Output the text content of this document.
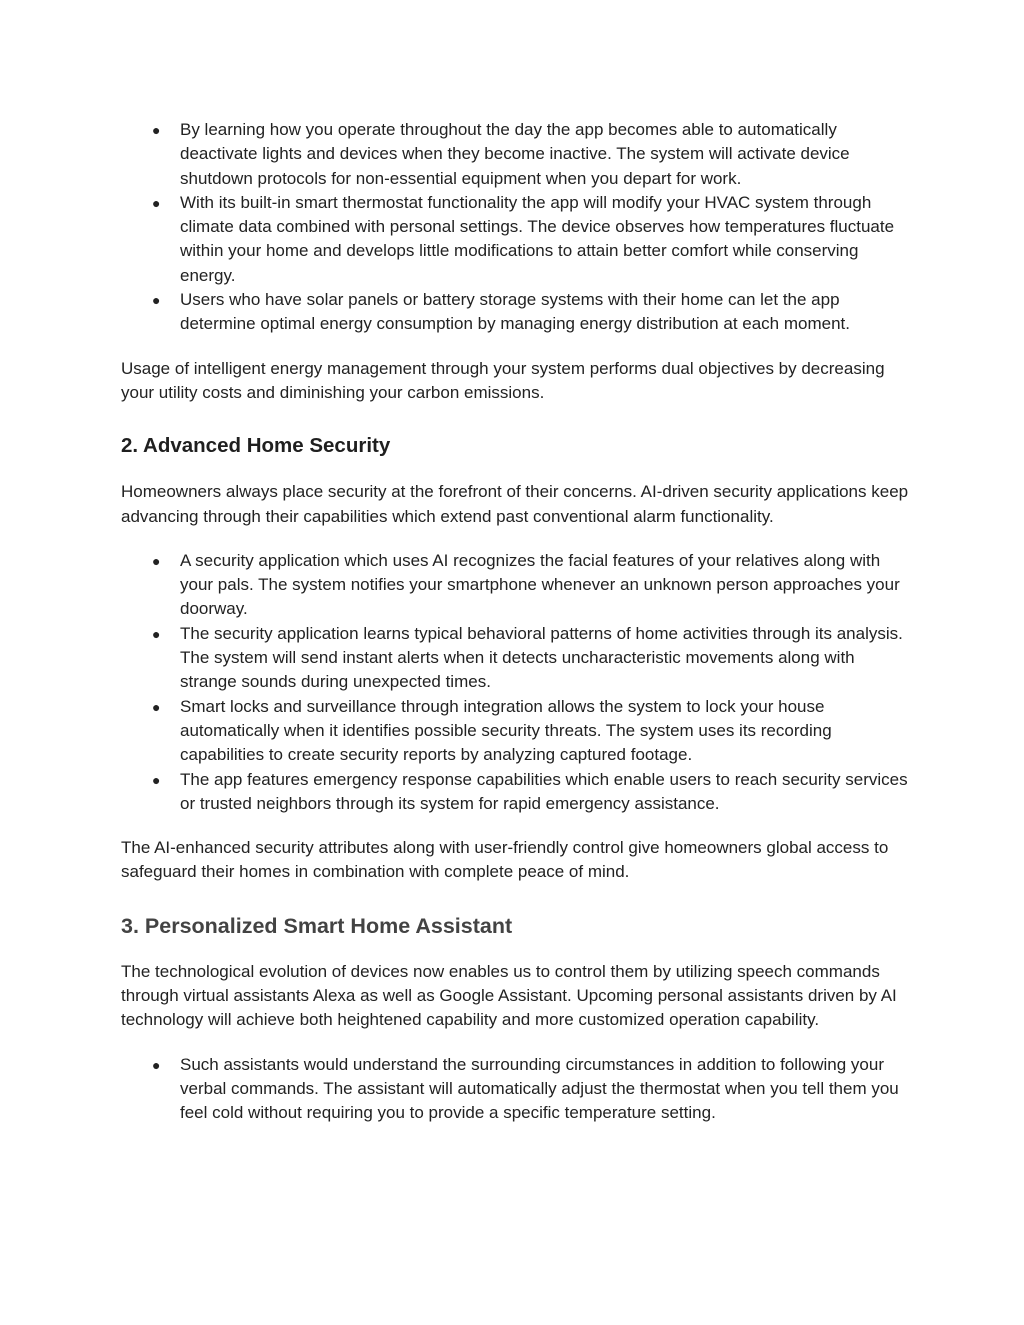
● By learning how you operate throughout the day the app becomes able to automatically deactivate lights and devices when they become inactive. The system will activate device shutdown protocols for non-essential equipment when you depart for work.
● With its built-in smart thermostat functionality the app will modify your HVAC system through climate data combined with personal settings. The device observes how temperatures fluctuate within your home and develops little modifications to attain better comfort while conserving energy.
● Users who have solar panels or battery storage systems with their home can let the app determine optimal energy consumption by managing energy distribution at each moment.

Usage of intelligent energy management through your system performs dual objectives by decreasing your utility costs and diminishing your carbon emissions.

2. Advanced Home Security

Homeowners always place security at the forefront of their concerns. AI-driven security applications keep advancing through their capabilities which extend past conventional alarm functionality.

● A security application which uses AI recognizes the facial features of your relatives along with your pals. The system notifies your smartphone whenever an unknown person approaches your doorway.
● The security application learns typical behavioral patterns of home activities through its analysis. The system will send instant alerts when it detects uncharacteristic movements along with strange sounds during unexpected times.
● Smart locks and surveillance through integration allows the system to lock your house automatically when it identifies possible security threats. The system uses its recording capabilities to create security reports by analyzing captured footage.
● The app features emergency response capabilities which enable users to reach security services or trusted neighbors through its system for rapid emergency assistance.

The AI-enhanced security attributes along with user-friendly control give homeowners global access to safeguard their homes in combination with complete peace of mind.

3. Personalized Smart Home Assistant

The technological evolution of devices now enables us to control them by utilizing speech commands through virtual assistants Alexa as well as Google Assistant. Upcoming personal assistants driven by AI technology will achieve both heightened capability and more customized operation capability.

● Such assistants would understand the surrounding circumstances in addition to following your verbal commands. The assistant will automatically adjust the thermostat when you tell them you feel cold without requiring you to provide a specific temperature setting.
